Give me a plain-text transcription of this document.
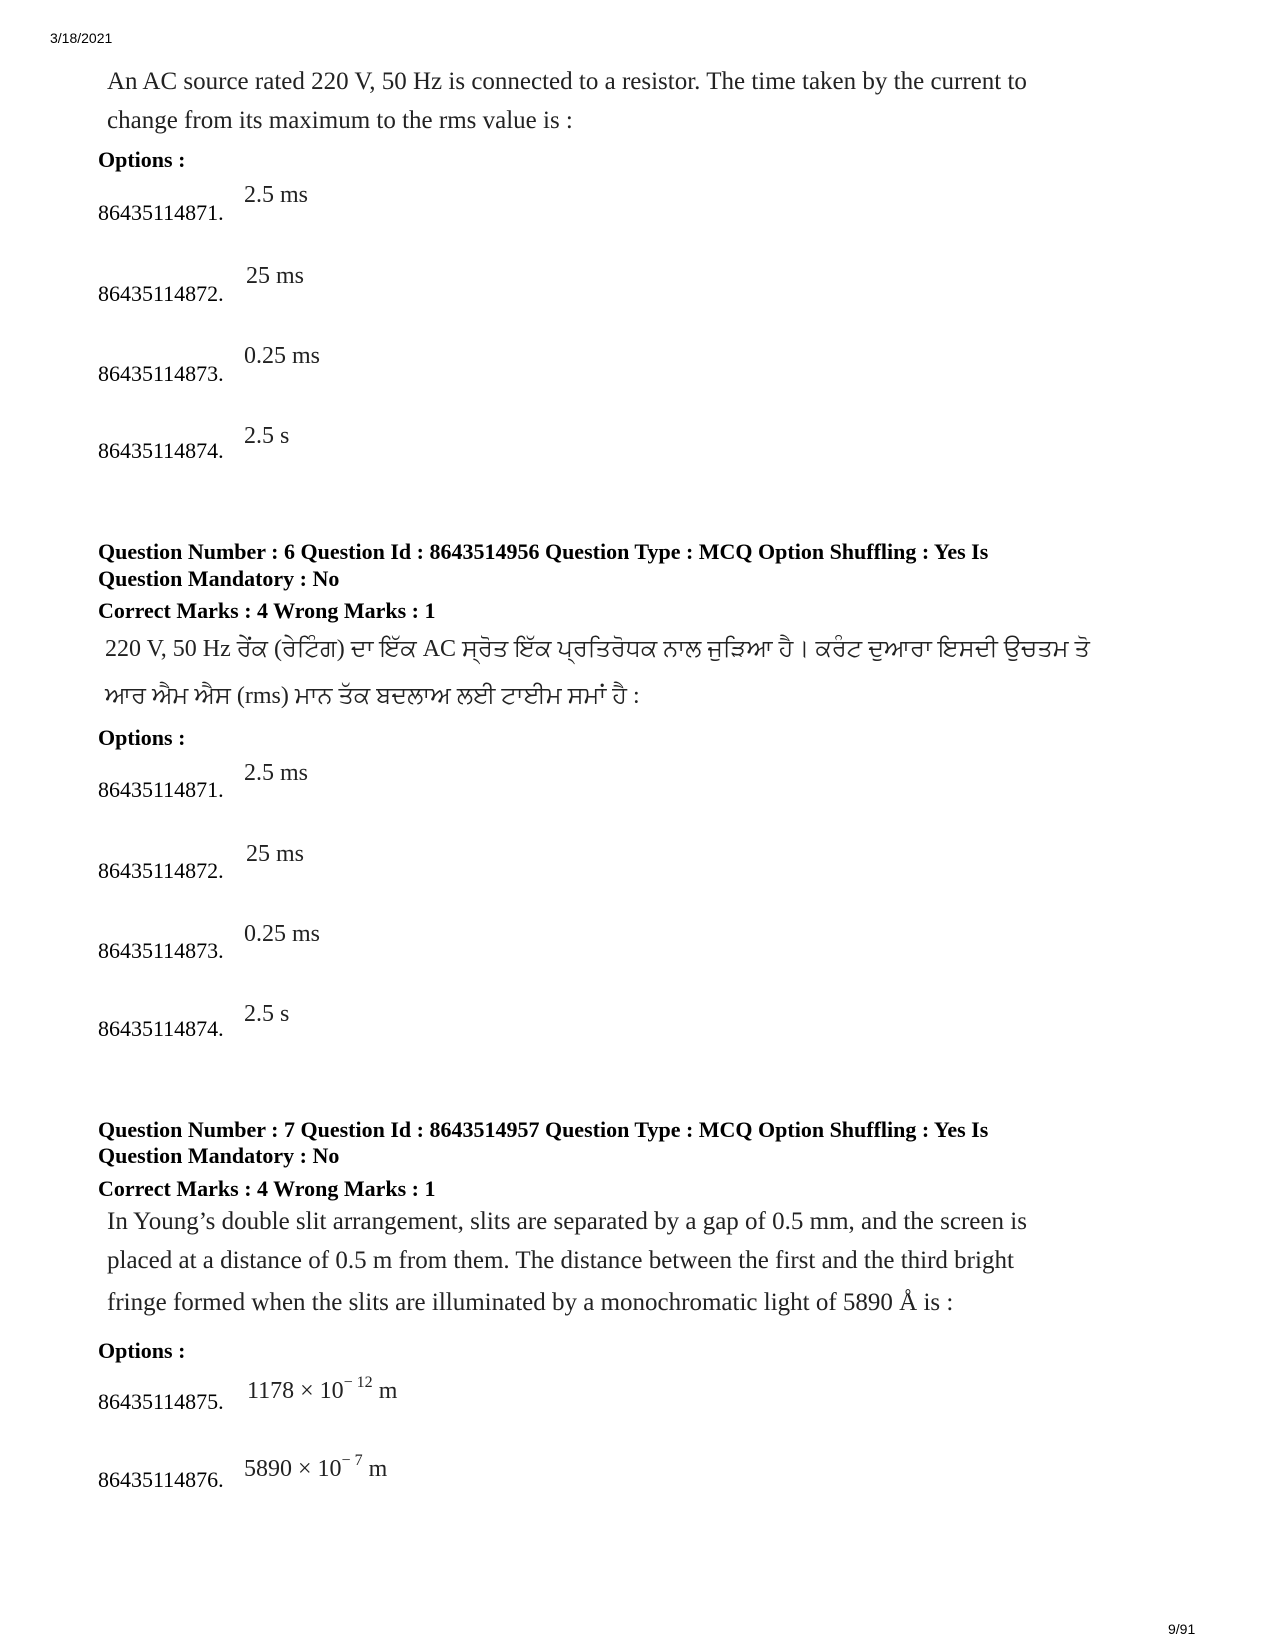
3/18/2021
9/91
An AC source rated 220 V, 50 Hz is connected to a resistor. The time taken by the current to
change from its maximum to the rms value is :
Options :
86435114871.
2.5 ms
86435114872.
25 ms
86435114873.
0.25 ms
86435114874.
2.5 s
Question Number : 6 Question Id : 8643514956 Question Type : MCQ Option Shuffling : Yes Is
Question Mandatory : No
Correct Marks : 4 Wrong Marks : 1
220 V, 50 Hz ਰੇਂਕ (ਰੇਟਿੰਗ) ਦਾ ਇੱਕ AC ਸ੍ਰੋਤ ਇੱਕ ਪ੍ਰਤਿਰੋਧਕ ਨਾਲ ਜੁੜਿਆ ਹੈ। ਕਰੰਟ ਦੁਆਰਾ ਇਸਦੀ ਉਚਤਮ ਤੋ
ਆਰ ਐਮ ਐਸ (rms) ਮਾਨ ਤੱਕ ਬਦਲਾਅ ਲਈ ਟਾਈਮ ਸਮਾਂ ਹੈ :
Options :
86435114871.
2.5 ms
86435114872.
25 ms
86435114873.
0.25 ms
86435114874.
2.5 s
Question Number : 7 Question Id : 8643514957 Question Type : MCQ Option Shuffling : Yes Is
Question Mandatory : No
Correct Marks : 4 Wrong Marks : 1
In Young’s double slit arrangement, slits are separated by a gap of 0.5 mm, and the screen is
placed at a distance of 0.5 m from them. The distance between the first and the third bright
fringe formed when the slits are illuminated by a monochromatic light of 5890 Å is :
Options :
86435114875. $1178 \times 10^{- 12}$ m
86435114876. $5890 \times 10^{- 7}$ m
